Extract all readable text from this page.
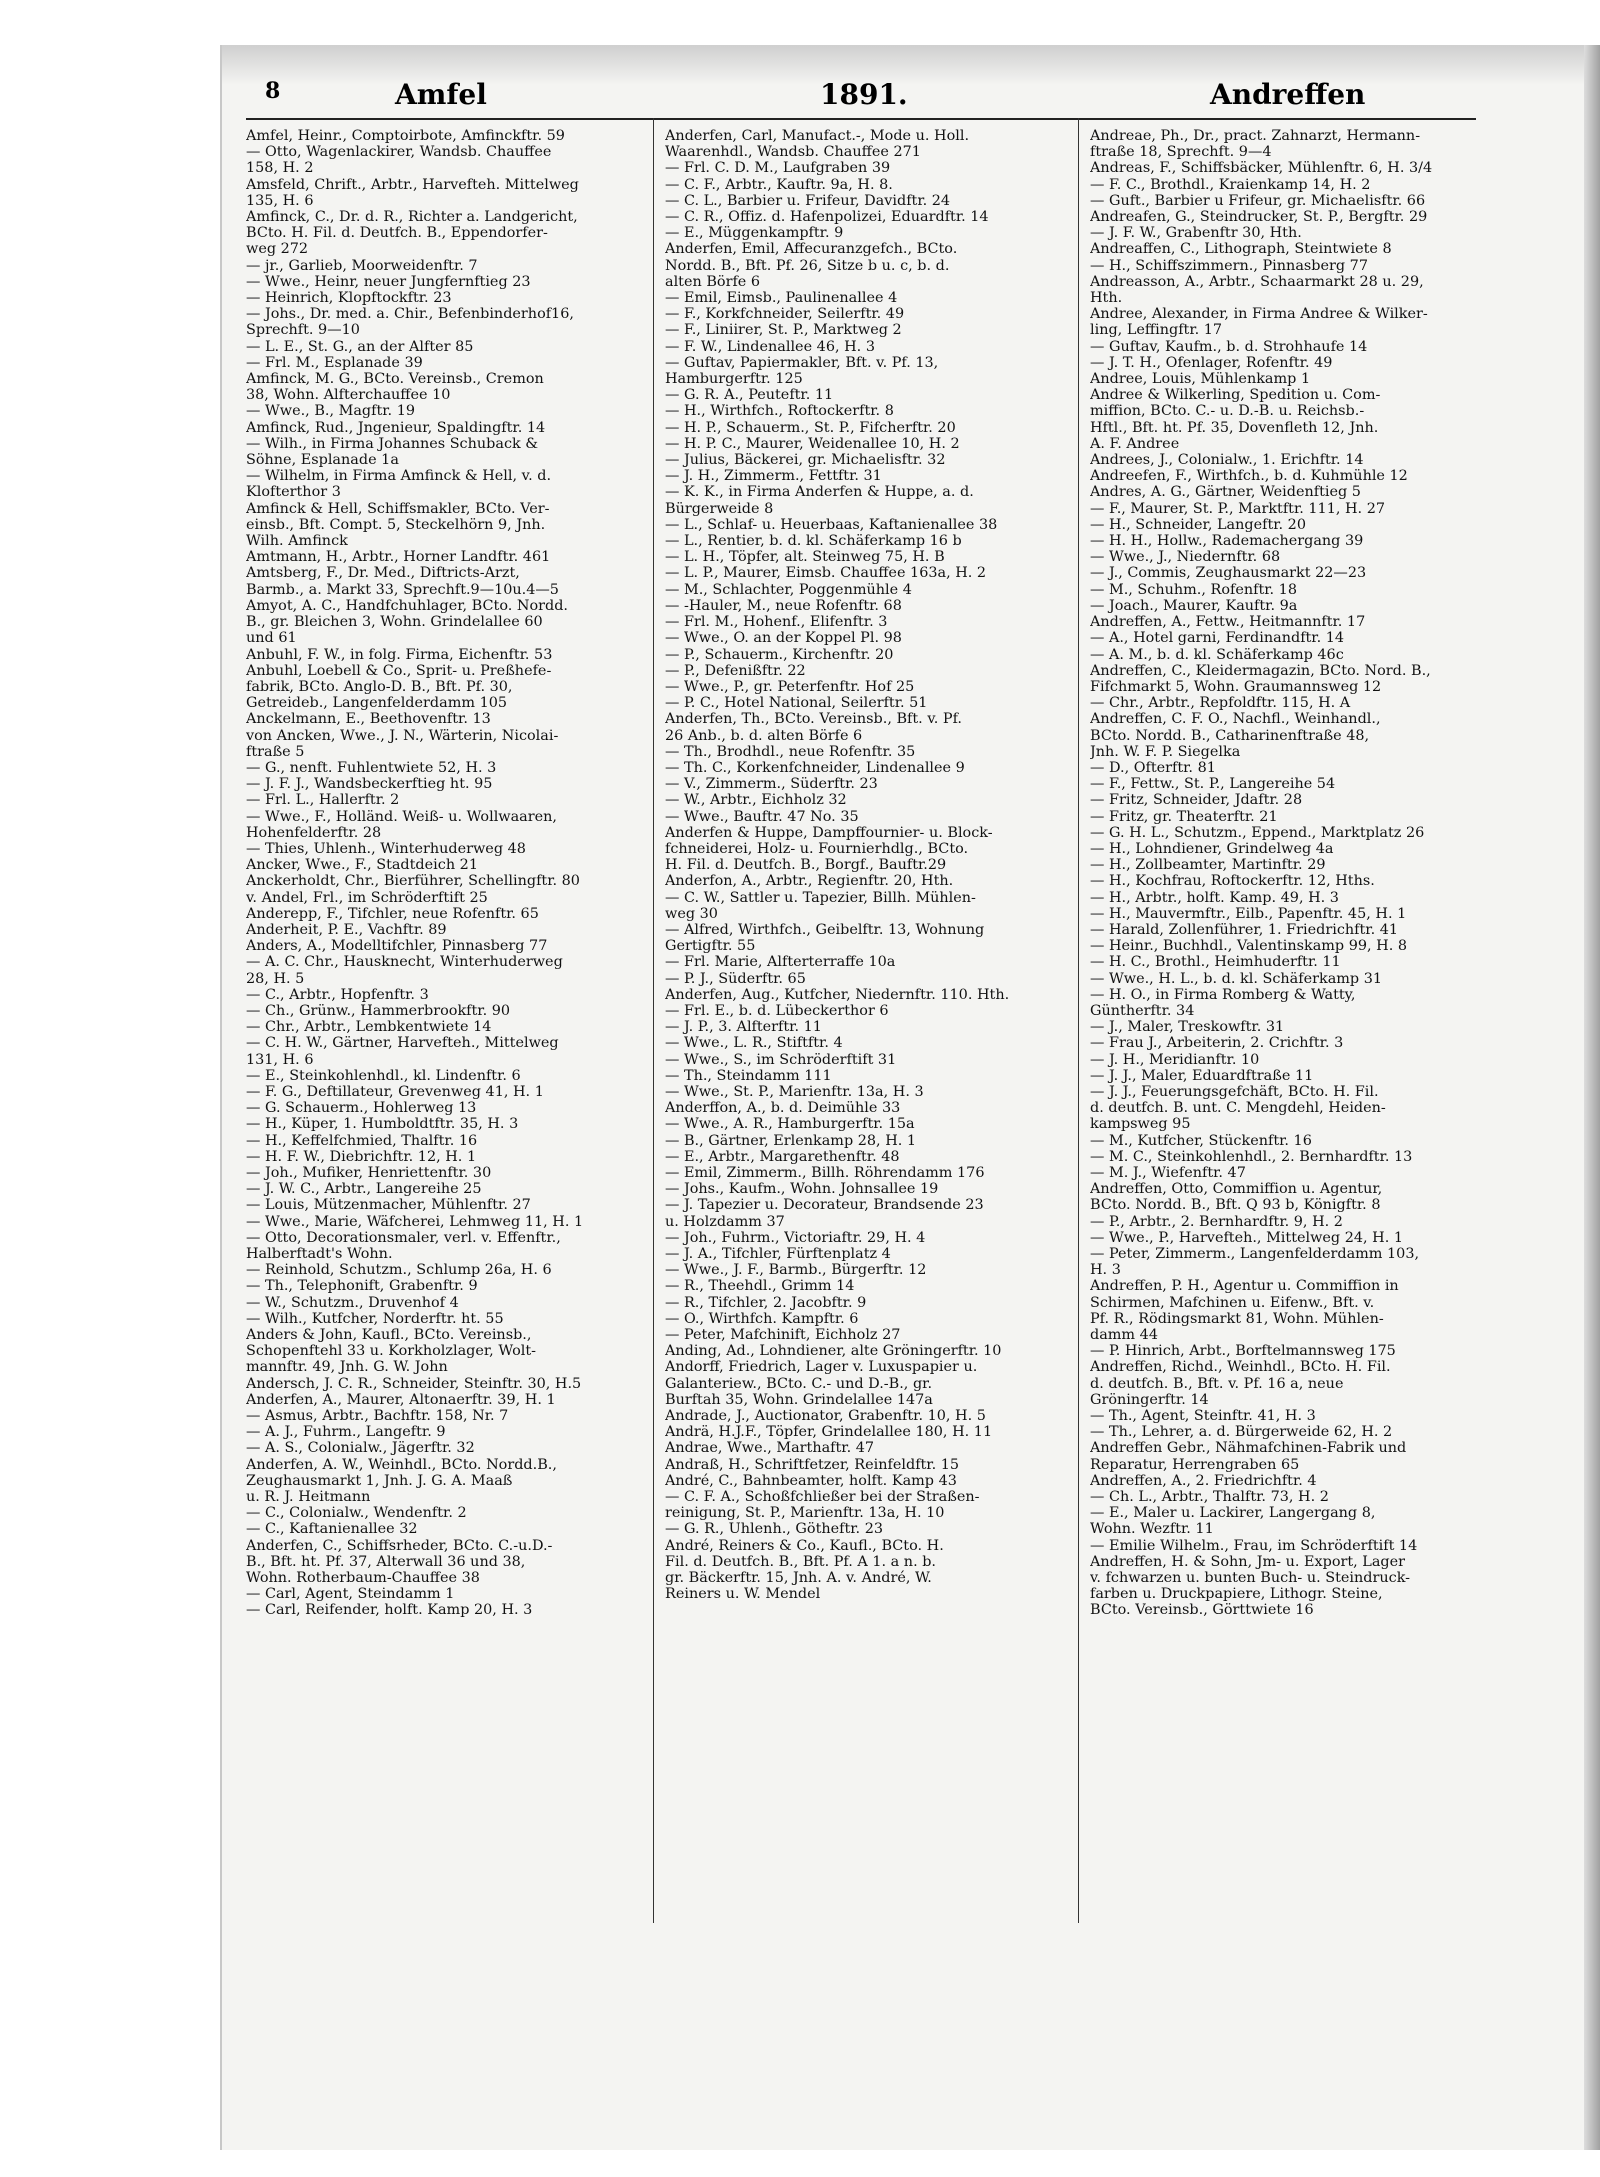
8	Amfel	1891.	Andreffen

Amfel, Heinr., Comptoirbote, Amfinckftr. 59

— Otto, Wagenlackirer, Wandsb. Chauffee

158, H. 2

Amsfeld, Chrift., Arbtr., Harvefteh. Mittelweg

135, H. 6

Amfinck, C., Dr. d. R., Richter a. Landgericht,

BCto. H. Fil. d. Deutfch. B., Eppendorfer-

weg 272

— jr., Garlieb, Moorweidenftr. 7

— Wwe., Heinr, neuer Jungfernftieg 23

— Heinrich, Klopftockftr. 23

— Johs., Dr. med. a. Chir., Befenbinderhof16,

Sprechft. 9—10

— L. E., St. G., an der Alfter 85

— Frl. M., Esplanade 39

Amfinck, M. G., BCto. Vereinsb., Cremon

38, Wohn. Alfterchauffee 10

— Wwe., B., Magftr. 19

Amfinck, Rud., Jngenieur, Spaldingftr. 14

— Wilh., in Firma Johannes Schuback &

Söhne, Esplanade 1a

— Wilhelm, in Firma Amfinck & Hell, v. d.

Klofterthor 3

Amfinck & Hell, Schiffsmakler, BCto. Ver-

einsb., Bft. Compt. 5, Steckelhörn 9, Jnh.

Wilh. Amfinck

Amtmann, H., Arbtr., Horner Landftr. 461

Amtsberg, F., Dr. Med., Diftricts-Arzt,

Barmb., a. Markt 33, Sprechft.9—10u.4—5

Amyot, A. C., Handfchuhlager, BCto. Nordd.

B., gr. Bleichen 3, Wohn. Grindelallee 60

und 61

Anbuhl, F. W., in folg. Firma, Eichenftr. 53

Anbuhl, Loebell & Co., Sprit- u. Preßhefe-

fabrik, BCto. Anglo-D. B., Bft. Pf. 30,

Getreideb., Langenfelderdamm 105

Anckelmann, E., Beethovenftr. 13

von Ancken, Wwe., J. N., Wärterin, Nicolai-

ftraße 5

— G., nenft. Fuhlentwiete 52, H. 3

— J. F. J., Wandsbeckerftieg ht. 95

— Frl. L., Hallerftr. 2

— Wwe., F., Holländ. Weiß- u. Wollwaaren,

Hohenfelderftr. 28

— Thies, Uhlenh., Winterhuderweg 48

Ancker, Wwe., F., Stadtdeich 21

Anckerholdt, Chr., Bierführer, Schellingftr. 80

v. Andel, Frl., im Schröderftift 25

Anderepp, F., Tifchler, neue Rofenftr. 65

Anderheit, P. E., Vachftr. 89

Anders, A., Modelltifchler, Pinnasberg 77

— A. C. Chr., Hausknecht, Winterhuderweg

28, H. 5

— C., Arbtr., Hopfenftr. 3

— Ch., Grünw., Hammerbrookftr. 90

— Chr., Arbtr., Lembkentwiete 14

— C. H. W., Gärtner, Harvefteh., Mittelweg

131, H. 6

— E., Steinkohlenhdl., kl. Lindenftr. 6

— F. G., Deftillateur, Grevenweg 41, H. 1

— G. Schauerm., Hohlerweg 13

— H., Küper, 1. Humboldtftr. 35, H. 3

— H., Keffelfchmied, Thalftr. 16

— H. F. W., Diebrichftr. 12, H. 1

— Joh., Mufiker, Henriettenftr. 30

— J. W. C., Arbtr., Langereihe 25

— Louis, Mützenmacher, Mühlenftr. 27

— Wwe., Marie, Wäfcherei, Lehmweg 11, H. 1

— Otto, Decorationsmaler, verl. v. Effenftr.,

Halberftadt's Wohn.

— Reinhold, Schutzm., Schlump 26a, H. 6

— Th., Telephonift, Grabenftr. 9

— W., Schutzm., Druvenhof 4

— Wilh., Kutfcher, Norderftr. ht. 55

Anders & John, Kaufl., BCto. Vereinsb.,

Schopenftehl 33 u. Korkholzlager, Wolt-

mannftr. 49, Jnh. G. W. John

Andersch, J. C. R., Schneider, Steinftr. 30, H.5

Anderfen, A., Maurer, Altonaerftr. 39, H. 1

— Asmus, Arbtr., Bachftr. 158, Nr. 7

— A. J., Fuhrm., Langeftr. 9

— A. S., Colonialw., Jägerftr. 32

Anderfen, A. W., Weinhdl., BCto. Nordd.B.,

Zeughausmarkt 1, Jnh. J. G. A. Maaß

u. R. J. Heitmann

— C., Colonialw., Wendenftr. 2

— C., Kaftanienallee 32

Anderfen, C., Schiffsrheder, BCto. C.-u.D.-

B., Bft. ht. Pf. 37, Alterwall 36 und 38,

Wohn. Rotherbaum-Chauffee 38

— Carl, Agent, Steindamm 1

— Carl, Reifender, holft. Kamp 20, H. 3

Anderfen, Carl, Manufact.-, Mode u. Holl.

Waarenhdl., Wandsb. Chauffee 271

— Frl. C. D. M., Laufgraben 39

— C. F., Arbtr., Kauftr. 9a, H. 8.

— C. L., Barbier u. Frifeur, Davidftr. 24

— C. R., Offiz. d. Hafenpolizei, Eduardftr. 14

— E., Müggenkampftr. 9

Anderfen, Emil, Affecuranzgefch., BCto.

Nordd. B., Bft. Pf. 26, Sitze b u. c, b. d.

alten Börfe 6

— Emil, Eimsb., Paulinenallee 4

— F., Korkfchneider, Seilerftr. 49

— F., Liniirer, St. P., Marktweg 2

— F. W., Lindenallee 46, H. 3

— Guftav, Papiermakler, Bft. v. Pf. 13,

Hamburgerftr. 125

— G. R. A., Peuteftr. 11

— H., Wirthfch., Roftockerftr. 8

— H. P., Schauerm., St. P., Fifcherftr. 20

— H. P. C., Maurer, Weidenallee 10, H. 2

— Julius, Bäckerei, gr. Michaelisftr. 32

— J. H., Zimmerm., Fettftr. 31

— K. K., in Firma Anderfen & Huppe, a. d.

Bürgerweide 8

— L., Schlaf- u. Heuerbaas, Kaftanienallee 38

— L., Rentier, b. d. kl. Schäferkamp 16 b

— L. H., Töpfer, alt. Steinweg 75, H. B

— L. P., Maurer, Eimsb. Chauffee 163a, H. 2

— M., Schlachter, Poggenmühle 4

— -Hauler, M., neue Rofenftr. 68

— Frl. M., Hohenf., Elifenftr. 3

— Wwe., O. an der Koppel Pl. 98

— P., Schauerm., Kirchenftr. 20

— P., Defenißftr. 22

— Wwe., P., gr. Peterfenftr. Hof 25

— P. C., Hotel National, Seilerftr. 51

Anderfen, Th., BCto. Vereinsb., Bft. v. Pf.

26 Anb., b. d. alten Börfe 6

— Th., Brodhdl., neue Rofenftr. 35

— Th. C., Korkenfchneider, Lindenallee 9

— V., Zimmerm., Süderftr. 23

— W., Arbtr., Eichholz 32

— Wwe., Bauftr. 47 No. 35

Anderfen & Huppe, Dampffournier- u. Block-

fchneiderei, Holz- u. Fournierhdlg., BCto.

H. Fil. d. Deutfch. B., Borgf., Bauftr.29

Anderfon, A., Arbtr., Regienftr. 20, Hth.

— C. W., Sattler u. Tapezier, Billh. Mühlen-

weg 30

— Alfred, Wirthfch., Geibelftr. 13, Wohnung

Gertigftr. 55

— Frl. Marie, Alfterterraffe 10a

— P. J., Süderftr. 65

Anderfen, Aug., Kutfcher, Niedernftr. 110. Hth.

— Frl. E., b. d. Lübeckerthor 6

— J. P., 3. Alfterftr. 11

— Wwe., L. R., Stiftftr. 4

— Wwe., S., im Schröderftift 31

— Th., Steindamm 111

— Wwe., St. P., Marienftr. 13a, H. 3

Anderffon, A., b. d. Deimühle 33

— Wwe., A. R., Hamburgerftr. 15a

— B., Gärtner, Erlenkamp 28, H. 1

— E., Arbtr., Margarethenftr. 48

— Emil, Zimmerm., Billh. Röhrendamm 176

— Johs., Kaufm., Wohn. Johnsallee 19

— J. Tapezier u. Decorateur, Brandsende 23

u. Holzdamm 37

— Joh., Fuhrm., Victoriaftr. 29, H. 4

— J. A., Tifchler, Fürftenplatz 4

— Wwe., J. F., Barmb., Bürgerftr. 12

— R., Theehdl., Grimm 14

— R., Tifchler, 2. Jacobftr. 9

— O., Wirthfch. Kampftr. 6

— Peter, Mafchinift, Eichholz 27

Anding, Ad., Lohndiener, alte Gröningerftr. 10

Andorff, Friedrich, Lager v. Luxuspapier u.

Galanteriew., BCto. C.- und D.-B., gr.

Burftah 35, Wohn. Grindelallee 147a

Andrade, J., Auctionator, Grabenftr. 10, H. 5

Andrä, H.J.F., Töpfer, Grindelallee 180, H. 11

Andrae, Wwe., Marthaftr. 47

Andraß, H., Schriftfetzer, Reinfeldftr. 15

André, C., Bahnbeamter, holft. Kamp 43

— C. F. A., Schoßfchließer bei der Straßen-

reinigung, St. P., Marienftr. 13a, H. 10

— G. R., Uhlenh., Götheftr. 23

André, Reiners & Co., Kaufl., BCto. H.

Fil. d. Deutfch. B., Bft. Pf. A 1. a n. b.

gr. Bäckerftr. 15, Jnh. A. v. André, W.

Reiners u. W. Mendel

Andreae, Ph., Dr., pract. Zahnarzt, Hermann-

ftraße 18, Sprechft. 9—4

Andreas, F., Schiffsbäcker, Mühlenftr. 6, H. 3/4

— F. C., Brothdl., Kraienkamp 14, H. 2

— Guft., Barbier u Frifeur, gr. Michaelisftr. 66

Andreafen, G., Steindrucker, St. P., Bergftr. 29

— J. F. W., Grabenftr 30, Hth.

Andreaffen, C., Lithograph, Steintwiete 8

— H., Schiffszimmern., Pinnasberg 77

Andreasson, A., Arbtr., Schaarmarkt 28 u. 29,

Hth.

Andree, Alexander, in Firma Andree & Wilker-

ling, Leffingftr. 17

— Guftav, Kaufm., b. d. Strohhaufe 14

— J. T. H., Ofenlager, Rofenftr. 49

Andree, Louis, Mühlenkamp 1

Andree & Wilkerling, Spedition u. Com-

miffion, BCto. C.- u. D.-B. u. Reichsb.-

Hftl., Bft. ht. Pf. 35, Dovenfleth 12, Jnh.

A. F. Andree

Andrees, J., Colonialw., 1. Erichftr. 14

Andreefen, F., Wirthfch., b. d. Kuhmühle 12

Andres, A. G., Gärtner, Weidenftieg 5

— F., Maurer, St. P., Marktftr. 111, H. 27

— H., Schneider, Langeftr. 20

— H. H., Hollw., Rademachergang 39

— Wwe., J., Niedernftr. 68

— J., Commis, Zeughausmarkt 22—23

— M., Schuhm., Rofenftr. 18

— Joach., Maurer, Kauftr. 9a

Andreffen, A., Fettw., Heitmannftr. 17

— A., Hotel garni, Ferdinandftr. 14

— A. M., b. d. kl. Schäferkamp 46c

Andreffen, C., Kleidermagazin, BCto. Nord. B.,

Fifchmarkt 5, Wohn. Graumannsweg 12

— Chr., Arbtr., Repfoldftr. 115, H. A

Andreffen, C. F. O., Nachfl., Weinhandl.,

BCto. Nordd. B., Catharinenftraße 48,

Jnh. W. F. P. Siegelka

— D., Ofterftr. 81

— F., Fettw., St. P., Langereihe 54

— Fritz, Schneider, Jdaftr. 28

— Fritz, gr. Theaterftr. 21

— G. H. L., Schutzm., Eppend., Marktplatz 26

— H., Lohndiener, Grindelweg 4a

— H., Zollbeamter, Martinftr. 29

— H., Kochfrau, Roftockerftr. 12, Hths.

— H., Arbtr., holft. Kamp. 49, H. 3

— H., Mauvermftr., Eilb., Papenftr. 45, H. 1

— Harald, Zollenführer, 1. Friedrichftr. 41

— Heinr., Buchhdl., Valentinskamp 99, H. 8

— H. C., Brothl., Heimhuderftr. 11

— Wwe., H. L., b. d. kl. Schäferkamp 31

— H. O., in Firma Romberg & Watty,

Güntherftr. 34

— J., Maler, Treskowftr. 31

— Frau J., Arbeiterin, 2. Crichftr. 3

— J. H., Meridianftr. 10

— J. J., Maler, Eduardftraße 11

— J. J., Feuerungsgefchäft, BCto. H. Fil.

d. deutfch. B. unt. C. Mengdehl, Heiden-

kampsweg 95

— M., Kutfcher, Stückenftr. 16

— M. C., Steinkohlenhdl., 2. Bernhardftr. 13

— M. J., Wiefenftr. 47

Andreffen, Otto, Commiffion u. Agentur,

BCto. Nordd. B., Bft. Q 93 b, Königftr. 8

— P., Arbtr., 2. Bernhardftr. 9, H. 2

— Wwe., P., Harvefteh., Mittelweg 24, H. 1

— Peter, Zimmerm., Langenfelderdamm 103,

H. 3

Andreffen, P. H., Agentur u. Commiffion in

Schirmen, Mafchinen u. Eifenw., Bft. v.

Pf. R., Rödingsmarkt 81, Wohn. Mühlen-

damm 44

— P. Hinrich, Arbt., Borftelmannsweg 175

Andreffen, Richd., Weinhdl., BCto. H. Fil.

d. deutfch. B., Bft. v. Pf. 16 a, neue

Gröningerftr. 14

— Th., Agent, Steinftr. 41, H. 3

— Th., Lehrer, a. d. Bürgerweide 62, H. 2

Andreffen Gebr., Nähmafchinen-Fabrik und

Reparatur, Herrengraben 65

Andreffen, A., 2. Friedrichftr. 4

— Ch. L., Arbtr., Thalftr. 73, H. 2

— E., Maler u. Lackirer, Langergang 8,

Wohn. Wezftr. 11

— Emilie Wilhelm., Frau, im Schröderftift 14

Andreffen, H. & Sohn, Jm- u. Export, Lager

v. fchwarzen u. bunten Buch- u. Steindruck-

farben u. Druckpapiere, Lithogr. Steine,

BCto. Vereinsb., Görttwiete 16
